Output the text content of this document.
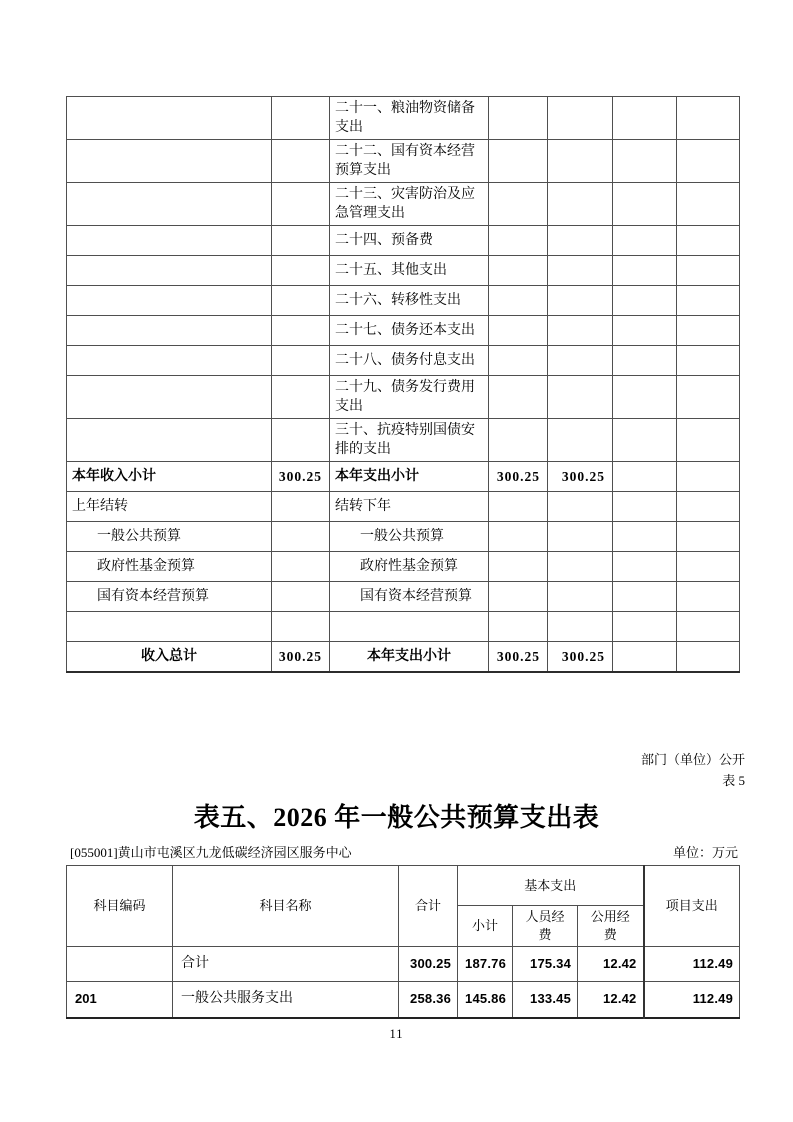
		二十一、粮油物资储备支出				
		二十二、国有资本经营预算支出				
		二十三、灾害防治及应急管理支出				
		二十四、预备费				
		二十五、其他支出				
		二十六、转移性支出				
		二十七、债务还本支出				
		二十八、债务付息支出				
		二十九、债务发行费用支出				
		三十、抗疫特别国债安排的支出				
本年收入小计	300.25	本年支出小计	300.25	300.25		
上年结转		结转下年				
一般公共预算		一般公共预算				
政府性基金预算		政府性基金预算				
国有资本经营预算		国有资本经营预算				

收入总计	300.25	本年支出小计	300.25	300.25		
部门（单位）公开
表 5
表五、2026 年一般公共预算支出表
[055001]黄山市屯溪区九龙低碳经济园区服务中心	单位：万元
科目编码	科目名称	合计	基本支出			项目支出
			小计	人员经费	公用经费	
	合计	300.25	187.76	175.34	12.42	112.49
201	一般公共服务支出	258.36	145.86	133.45	12.42	112.49
11
